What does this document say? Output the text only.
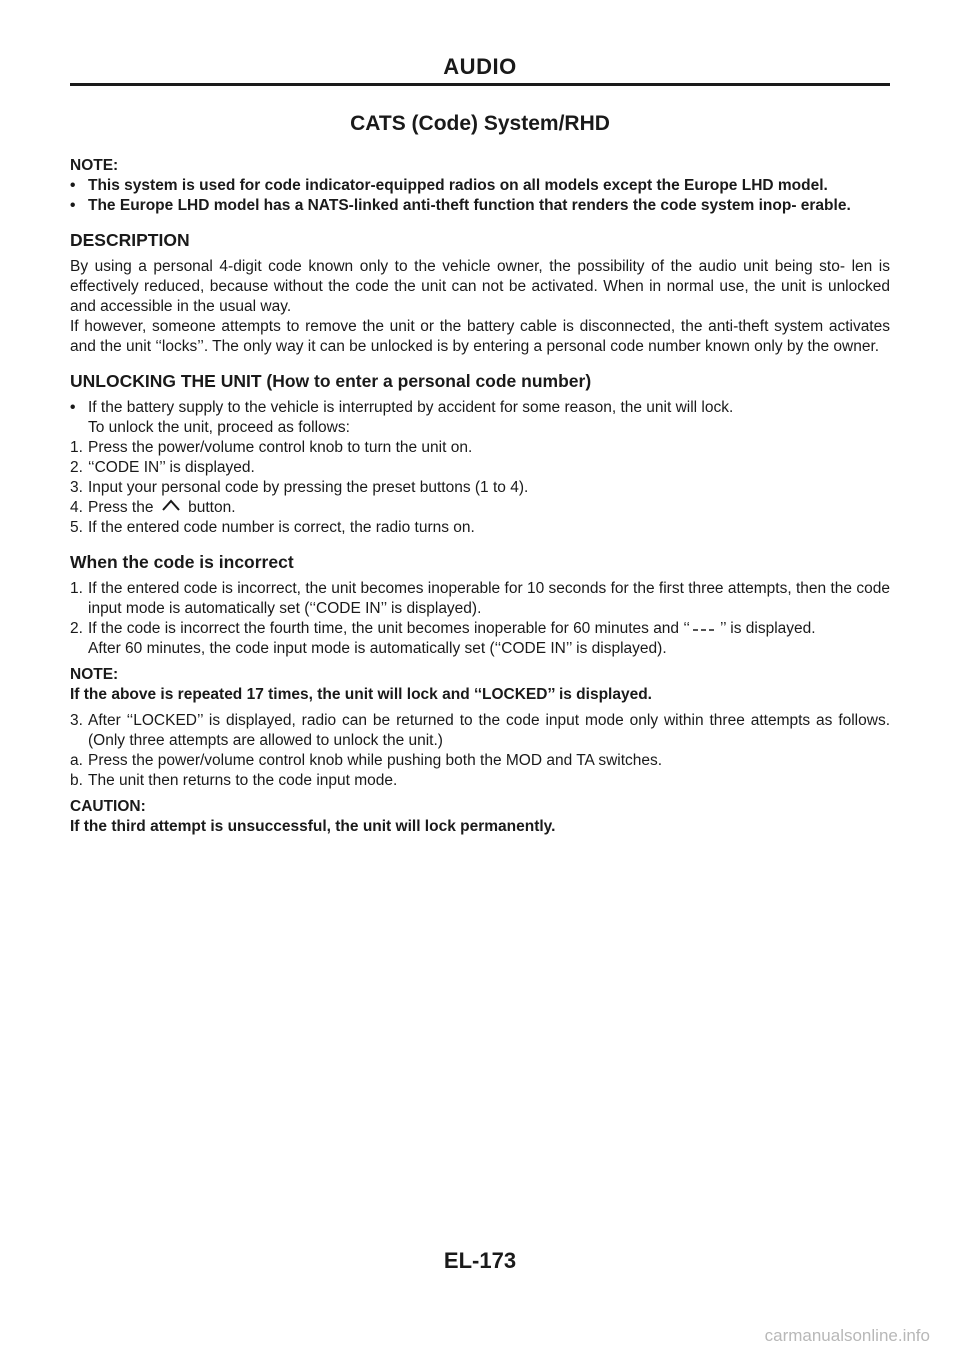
AUDIO
CATS (Code) System/RHD

NOTE:

• This system is used for code indicator-equipped radios on all models except the Europe LHD model.
• The Europe LHD model has a NATS-linked anti-theft function that renders the code system inop- erable.
DESCRIPTION

By using a personal 4-digit code known only to the vehicle owner, the possibility of the audio unit being sto- len is effectively reduced, because without the code the unit can not be activated. When in normal use, the unit is unlocked and accessible in the usual way.

If however, someone attempts to remove the unit or the battery cable is disconnected, the anti-theft system activates and the unit ‘‘locks’’. The only way it can be unlocked is by entering a personal code number known only by the owner.

UNLOCKING THE UNIT (How to enter a personal code number)
• If the battery supply to the vehicle is interrupted by accident for some reason, the unit will lock.

To unlock the unit, proceed as follows:

1. Press the power/volume control knob to turn the unit on.
2. ‘‘CODE IN’’ is displayed.
3. Input your personal code by pressing the preset buttons (1 to 4).
4. Press the button.
5. If the entered code number is correct, the radio turns on.
When the code is incorrect
1. If the entered code is incorrect, the unit becomes inoperable for 10 seconds for the first three attempts, then the code input mode is automatically set (‘‘CODE IN’’ is displayed).
2. If the code is incorrect the fourth time, the unit becomes inoperable for 60 minutes and ‘‘ ’’ is displayed.
After 60 minutes, the code input mode is automatically set (‘‘CODE IN’’ is displayed).

NOTE:

If the above is repeated 17 times, the unit will lock and ‘‘LOCKED’’ is displayed.

3. After ‘‘LOCKED’’ is displayed, radio can be returned to the code input mode only within three attempts as follows. (Only three attempts are allowed to unlock the unit.)
a. Press the power/volume control knob while pushing both the MOD and TA switches.
b. The unit then returns to the code input mode.

CAUTION:

If the third attempt is unsuccessful, the unit will lock permanently.

EL-173
carmanualsonline.info
